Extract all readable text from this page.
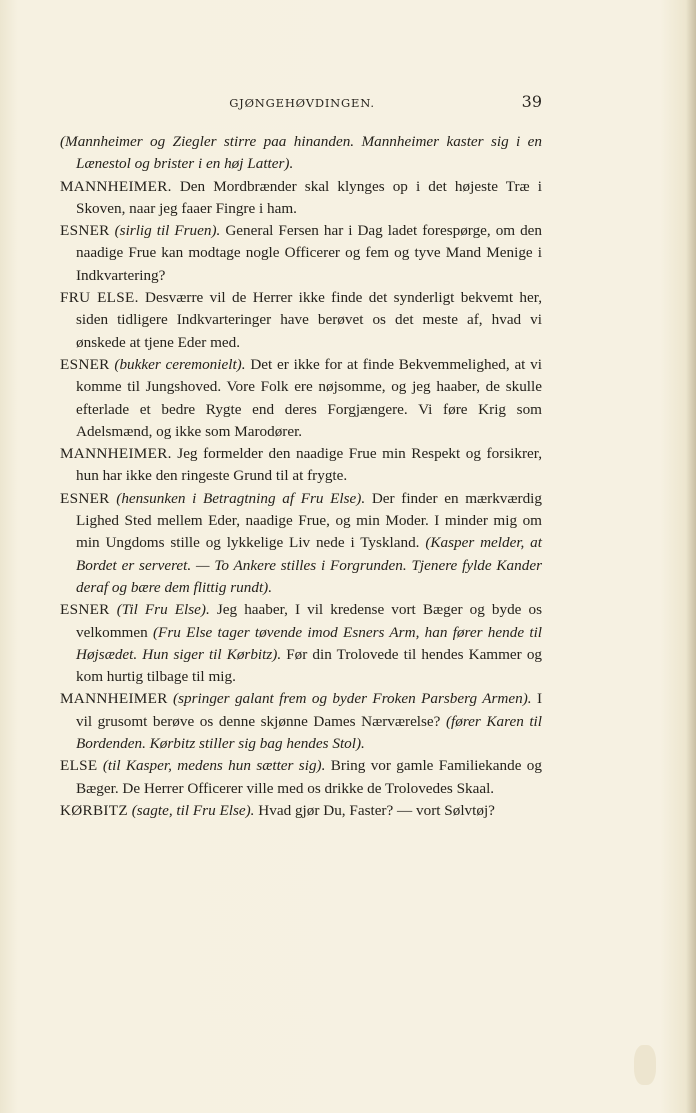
GJØNGEHØVDINGEN.	39

(Mannheimer og Ziegler stirre paa hinanden. Mannheimer kaster sig i en Lænestol og brister i en høj Latter).

MANNHEIMER. Den Mordbrænder skal klynges op i det højeste Træ i Skoven, naar jeg faaer Fingre i ham.

ESNER (sirlig til Fruen). General Fersen har i Dag ladet forespørge, om den naadige Frue kan modtage nogle Officerer og fem og tyve Mand Menige i Indkvartering?

FRU ELSE. Desværre vil de Herrer ikke finde det synderligt bekvemt her, siden tidligere Indkvarteringer have berøvet os det meste af, hvad vi ønskede at tjene Eder med.

ESNER (bukker ceremonielt). Det er ikke for at finde Bekvemmelighed, at vi komme til Jungshoved. Vore Folk ere nøjsomme, og jeg haaber, de skulle efterlade et bedre Rygte end deres Forgjængere. Vi føre Krig som Adelsmænd, og ikke som Marodører.

MANNHEIMER. Jeg formelder den naadige Frue min Respekt og forsikrer, hun har ikke den ringeste Grund til at frygte.

ESNER (hensunken i Betragtning af Fru Else). Der finder en mærkværdig Lighed Sted mellem Eder, naadige Frue, og min Moder. I minder mig om min Ungdoms stille og lykkelige Liv nede i Tyskland. (Kasper melder, at Bordet er serveret. — To Ankere stilles i Forgrunden. Tjenere fylde Kander deraf og bære dem flittig rundt).

ESNER (Til Fru Else). Jeg haaber, I vil kredense vort Bæger og byde os velkommen (Fru Else tager tøvende imod Esners Arm, han fører hende til Højsædet. Hun siger til Kørbitz). Før din Trolovede til hendes Kammer og kom hurtig tilbage til mig.

MANNHEIMER (springer galant frem og byder Froken Parsberg Armen). I vil grusomt berøve os denne skjønne Dames Nærværelse? (fører Karen til Bordenden. Kørbitz stiller sig bag hendes Stol).

ELSE (til Kasper, medens hun sætter sig). Bring vor gamle Familiekande og Bæger. De Herrer Officerer ville med os drikke de Trolovedes Skaal.

KØRBITZ (sagte, til Fru Else). Hvad gjør Du, Faster? — vort Sølvtøj?
